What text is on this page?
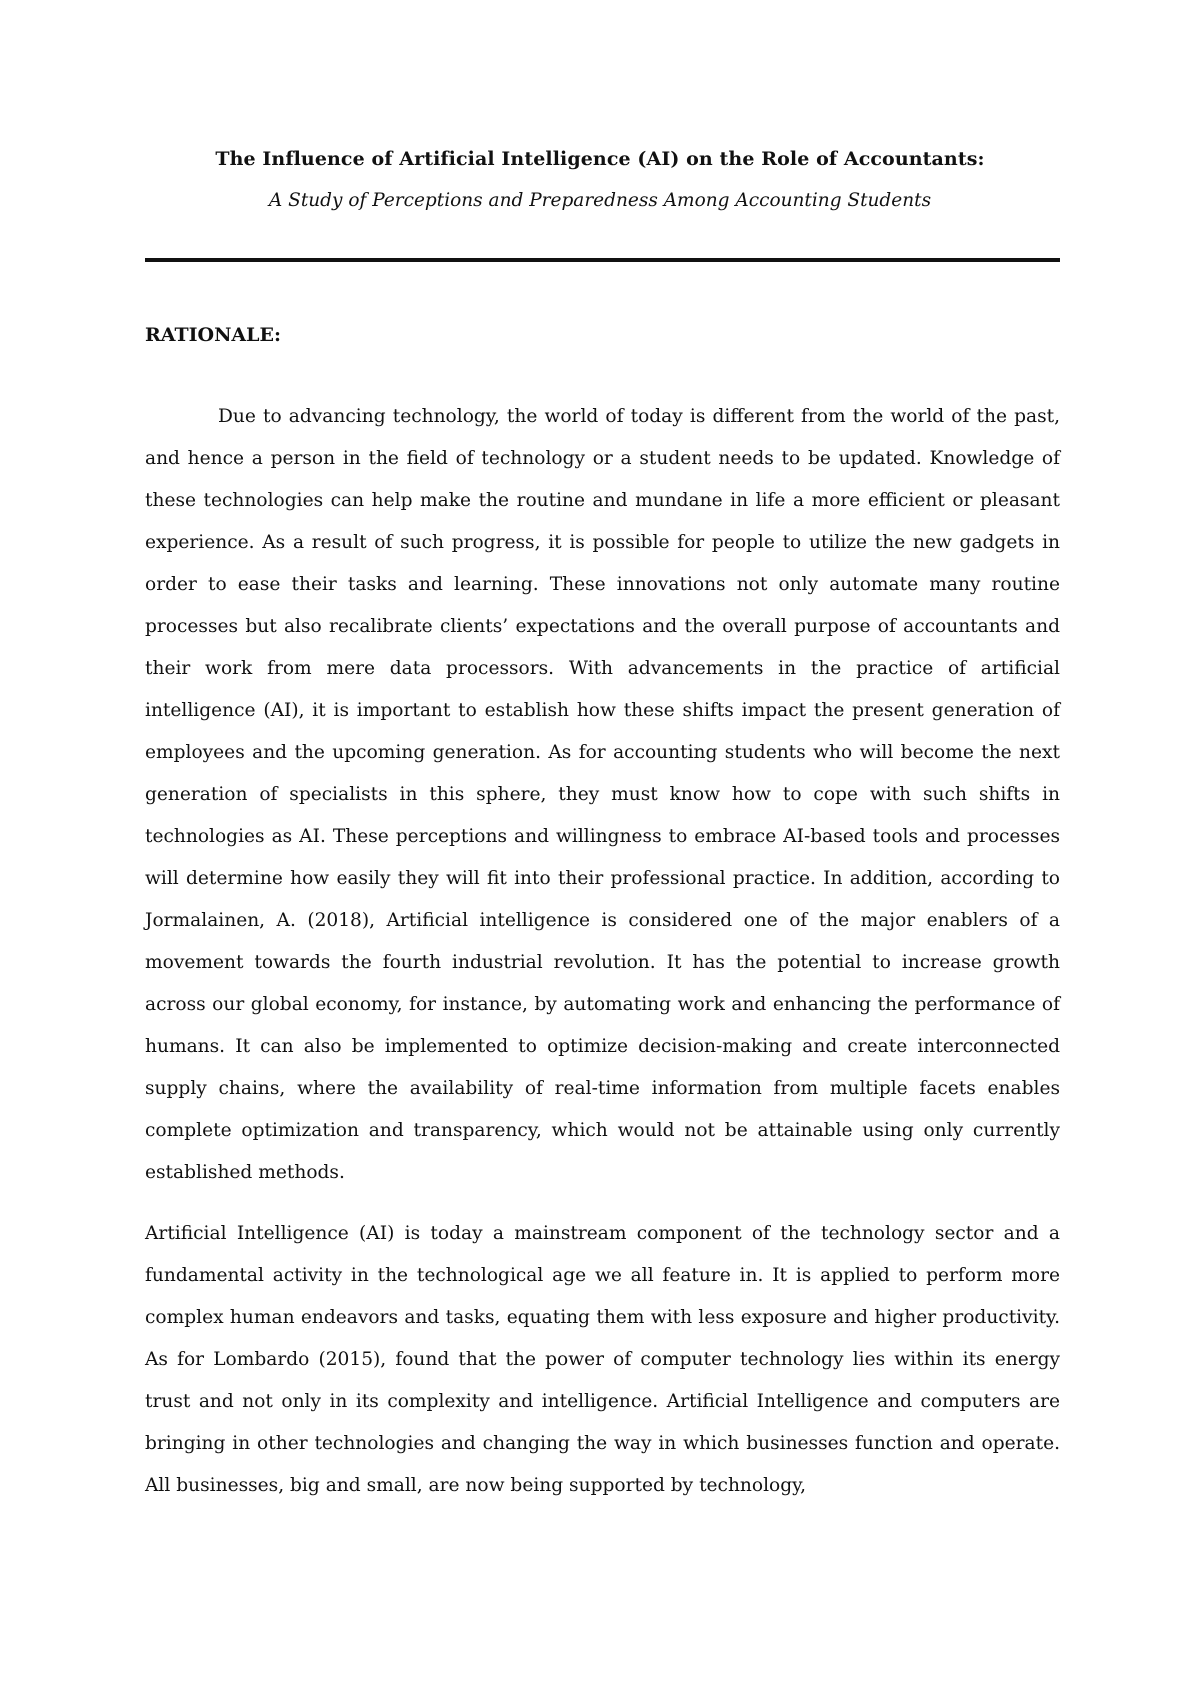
The Influence of Artificial Intelligence (AI) on the Role of Accountants:
A Study of Perceptions and Preparedness Among Accounting Students
RATIONALE:

Due to advancing technology, the world of today is different from the world of the past, and hence a person in the field of technology or a student needs to be updated. Knowledge of these technologies can help make the routine and mundane in life a more efficient or pleasant experience. As a result of such progress, it is possible for people to utilize the new gadgets in order to ease their tasks and learning. These innovations not only automate many routine processes but also recalibrate clients’ expectations and the overall purpose of accountants and their work from mere data processors. With advancements in the practice of artificial intelligence (AI), it is important to establish how these shifts impact the present generation of employees and the upcoming generation. As for accounting students who will become the next generation of specialists in this sphere, they must know how to cope with such shifts in technologies as AI. These perceptions and willingness to embrace AI-based tools and processes will determine how easily they will fit into their professional practice. In addition, according to Jormalainen, A. (2018), Artificial intelligence is considered one of the major enablers of a movement towards the fourth industrial revolution. It has the potential to increase growth across our global economy, for instance, by automating work and enhancing the performance of humans. It can also be implemented to optimize decision-making and create interconnected supply chains, where the availability of real-time information from multiple facets enables complete optimization and transparency, which would not be attainable using only currently established methods.

Artificial Intelligence (AI) is today a mainstream component of the technology sector and a fundamental activity in the technological age we all feature in. It is applied to perform more complex human endeavors and tasks, equating them with less exposure and higher productivity. As for Lombardo (2015), found that the power of computer technology lies within its energy trust and not only in its complexity and intelligence. Artificial Intelligence and computers are bringing in other technologies and changing the way in which businesses function and operate. All businesses, big and small, are now being supported by technology,
